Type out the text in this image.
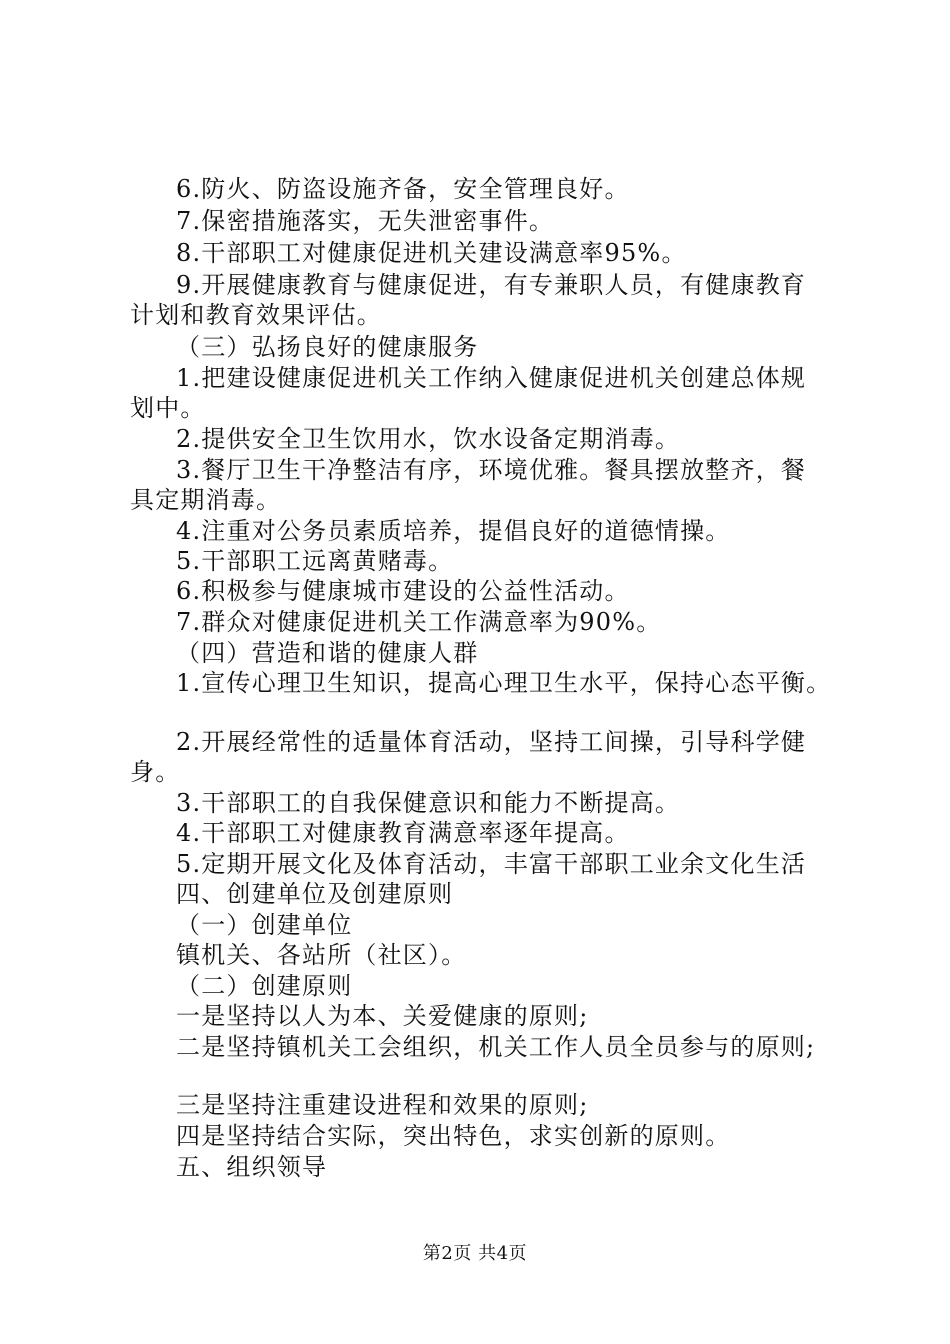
6.防火、防盗设施齐备，安全管理良好。
7.保密措施落实，无失泄密事件。
8.干部职工对健康促进机关建设满意率95%。
9.开展健康教育与健康促进，有专兼职人员，有健康教育
计划和教育效果评估。
（三）弘扬良好的健康服务
1.把建设健康促进机关工作纳入健康促进机关创建总体规
划中。
2.提供安全卫生饮用水，饮水设备定期消毒。
3.餐厅卫生干净整洁有序，环境优雅。餐具摆放整齐，餐
具定期消毒。
4.注重对公务员素质培养，提倡良好的道德情操。
5.干部职工远离黄赌毒。
6.积极参与健康城市建设的公益性活动。
7.群众对健康促进机关工作满意率为90%。
（四）营造和谐的健康人群
1.宣传心理卫生知识，提高心理卫生水平，保持心态平衡。
2.开展经常性的适量体育活动，坚持工间操，引导科学健
身。
3.干部职工的自我保健意识和能力不断提高。
4.干部职工对健康教育满意率逐年提高。
5.定期开展文化及体育活动，丰富干部职工业余文化生活
四、创建单位及创建原则
（一）创建单位
镇机关、各站所（社区）。
（二）创建原则
一是坚持以人为本、关爱健康的原则;
二是坚持镇机关工会组织，机关工作人员全员参与的原则;
三是坚持注重建设进程和效果的原则;
四是坚持结合实际，突出特色，求实创新的原则。
五、组织领导
第2页 共4页
